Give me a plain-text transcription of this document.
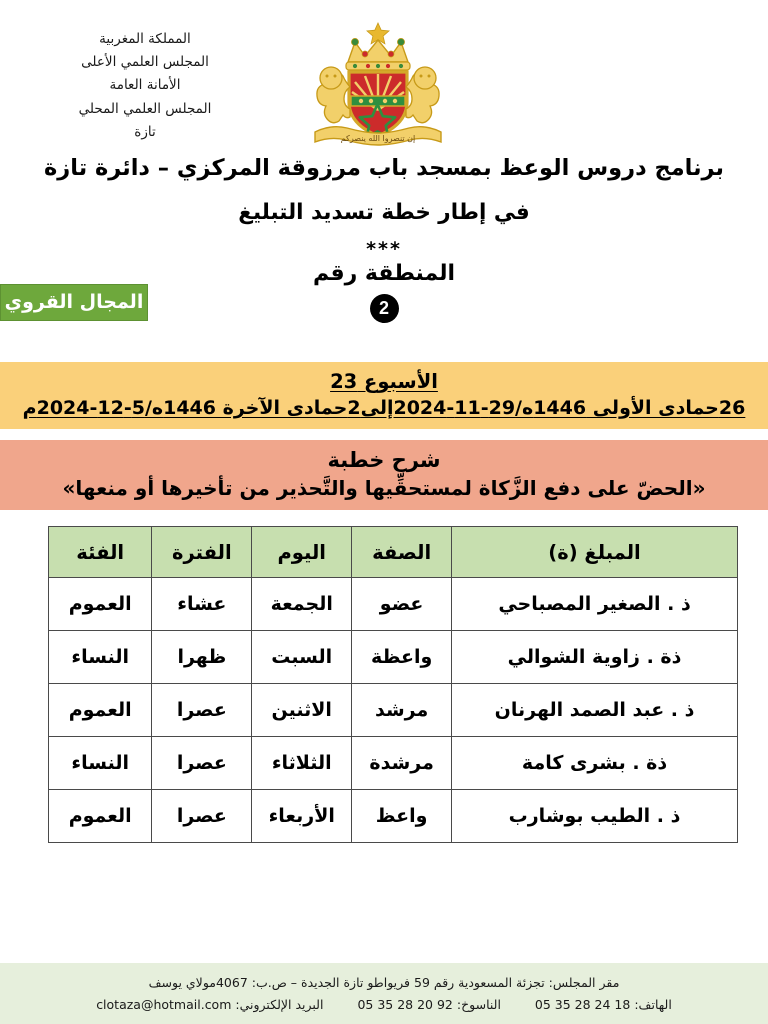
المملكة المغربية
المجلس العلمي الأعلى
الأمانة العامة
المجلس العلمي المحلي
تازة	إن تنصروا الله ينصركم
برنامج دروس الوعظ بمسجد باب مرزوقة المركزي – دائرة تازة
في إطار خطة تسديد التبليغ
***
المنطقة رقم
2
المجال القروي
الأسبوع 23
26حمادى الأولى 1446ه/29-11-2024إلى2حمادى الآخرة 1446ه/5-12-2024م
شرح خطبة
«الحضّ على دفع الزَّكاة لمستحقِّيها والتَّحذير من تأخيرها أو منعها»
المبلغ (ة)	الصفة	اليوم	الفترة	الفئة
ذ . الصغير المصباحي	عضو	الجمعة	عشاء	العموم
ذة . زاوية الشوالي	واعظة	السبت	ظهرا	النساء
ذ . عبد الصمد الهرنان	مرشد	الاثنين	عصرا	العموم
ذة . بشرى كامة	مرشدة	الثلاثاء	عصرا	النساء
ذ . الطيب بوشارب	واعظ	الأربعاء	عصرا	العموم
مقر المجلس: تجزئة المسعودية رقم 59 فريواطو تازة الجديدة – ص.ب: 4067مولاي يوسف
الهاتف: 05 35 28 24 18  الناسوخ: 05 35 28 20 92  البريد الإلكتروني: clotaza@hotmail.com
